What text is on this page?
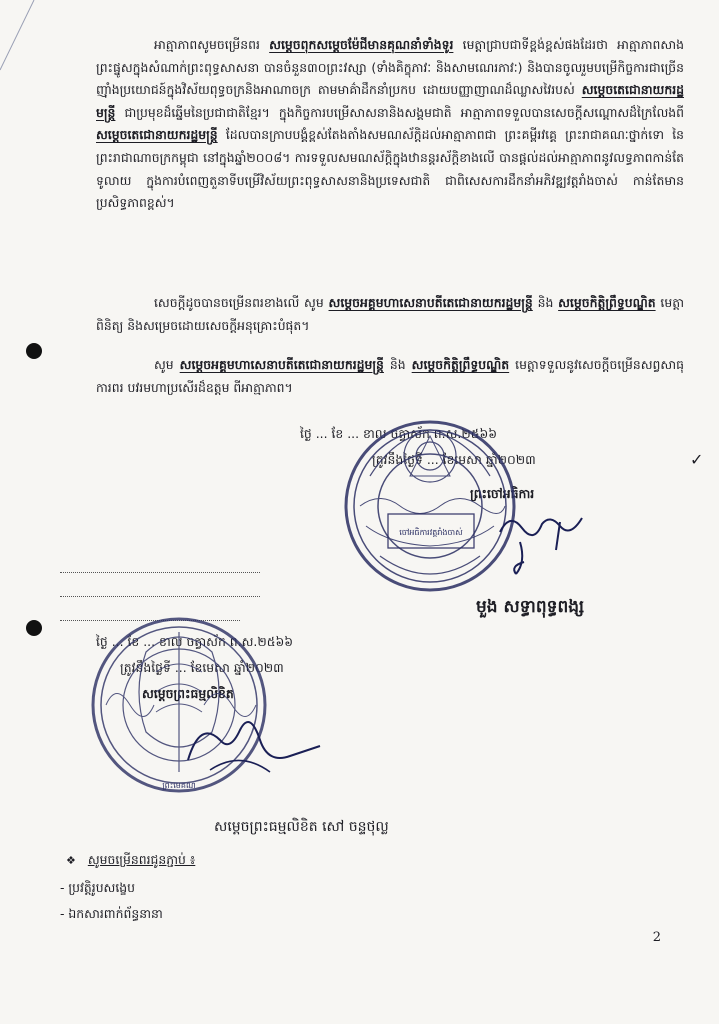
អាត្មាភាពសូមចម្រើនពរ សម្ដេចពុកសម្ដេចម៉ែជីមានគុណនាំទាំងទូរ មេត្តាជ្រាបជាទីខ្ពង់ខ្ពស់ផងដែរថា អាត្មាភាពសាងព្រះផ្នូសក្នុងសំណាក់ព្រះពុទ្ធសាសនា បានចំនួន៣០ព្រះវស្សា (ទាំងគិក្ខុភាវៈ និងសាមណេរភាវៈ) និងបានចូលរួមបម្រើកិច្ចការជាច្រើន ញ៉ាំងប្រយោជន៍ក្នុងវិស័យពុទ្ធចក្រនិងអាណាចក្រ តាមមាគ៌ាដឹកនាំប្រកប ដោយបញ្ញាញាណដ៏ឈ្លាសវៃរបស់ សម្ដេចតេជោនាយករដ្ឋមន្ត្រី ជាប្រមុខដ៏ឆ្នើមនៃប្រជាជាតិខ្មែរ។ ក្នុងកិច្ចការបម្រើសាសនានិងសង្គមជាតិ អាត្មាភាពទទួលបានសេចក្ដីសណ្ដោសដ៏ក្រៃលែងពី សម្ដេចតេជោនាយករដ្ឋមន្ត្រី ដែលបានក្រាបបង្គំខ្ពស់តែងតាំងសមណស័ក្ដិដល់អាត្មាភាពជា ព្រះគម្ពីរវគ្គេ ព្រះរាជាគណៈថ្នាក់ទោ នៃព្រះរាជាណាចក្រកម្ពុជា នៅក្នុងឆ្នាំ២០០៨។ ការទទួលសមណស័ក្ដិក្នុងឋានន្តរស័ក្ដិខាងលើ បានផ្ដល់ដល់អាត្មាភាពនូវលទ្ធភាពកាន់តែទូលាយ ក្នុងការបំពេញតួនាទីបម្រើវិស័យព្រះពុទ្ធសាសនានិងប្រទេសជាតិ ជាពិសេសការដឹកនាំអភិវឌ្ឍវត្តរាំងចាស់ កាន់តែមានប្រសិទ្ធភាពខ្ពស់។
សេចក្ដីដូចបានចម្រើនពរខាងលើ សូម សម្ដេចអគ្គមហាសេនាបតីតេជោនាយករដ្ឋមន្ត្រី និង សម្ដេចកិត្តិព្រឹទ្ធបណ្ឌិត មេត្តាពិនិត្យ និងសម្រេចដោយសេចក្ដីអនុគ្រោះបំផុត។
សូម សម្ដេចអគ្គមហាសេនាបតីតេជោនាយករដ្ឋមន្ត្រី និង សម្ដេចកិត្តិព្រឹទ្ធបណ្ឌិត មេត្តាទទួលនូវសេចក្ដីចម្រើនសព្វសាធុការពរ បវរមហាប្រសើរដ៏ឧត្តម ពីអាត្មាភាព។
ថ្ងៃ ... ខែ ... ខាល ចត្វាស័ក ព.ស.២៥៦៦
ត្រូវនឹងថ្ងៃទី ... ខែមេសា ឆ្នាំ២០២៣	✓
ព្រះចៅអធិការ
ចៅអធិការវត្តរាំងចាស់
មួង សទ្ធាពុទ្ធពង្ស
ថ្ងៃ ... ខែ ... ខាល ចត្វាស័ក ព.ស.២៥៦៦
ត្រូវនឹងថ្ងៃទី ... ខែមេសា ឆ្នាំ២០២៣
សម្ដេចព្រះធម្មលិខិត
ព្រះមេគណ
សម្ដេចព្រះធម្មលិខិត សៅ ចន្ទថុល្ល
❖ សូមចម្រើនពរជូនភ្ជាប់ ៖
- ប្រវត្តិរូបសង្ខេប
- ឯកសារពាក់ព័ន្ធនានា
2
